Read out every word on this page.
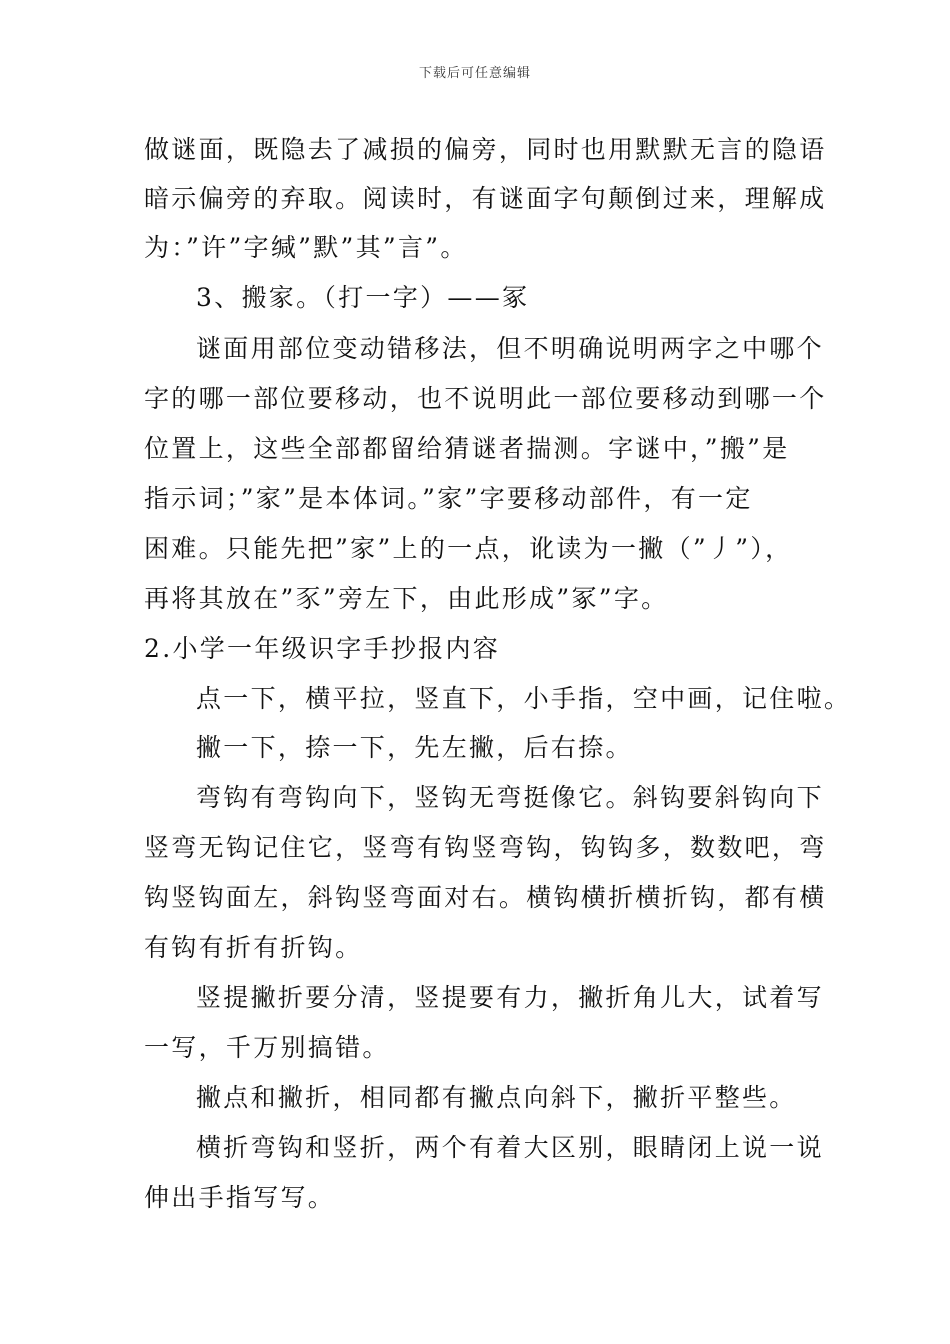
下载后可任意编辑
做谜面，既隐去了减损的偏旁，同时也用默默无言的隐语
暗示偏旁的弃取。阅读时，有谜面字句颠倒过来，理解成
为：”许”字缄”默”其”言”。
3、搬家。（打一字）——冢
谜面用部位变动错移法，但不明确说明两字之中哪个
字的哪一部位要移动，也不说明此一部位要移动到哪一个
位置上，这些全部都留给猜谜者揣测。字谜中，”搬”是
指示词；”家”是本体词。”家”字要移动部件，有一定
困难。只能先把”家”上的一点，讹读为一撇（”丿”），
再将其放在”豕”旁左下，由此形成”冢”字。
2.小学一年级识字手抄报内容
点一下，横平拉，竖直下，小手指，空中画，记住啦。
撇一下，捺一下，先左撇，后右捺。
弯钩有弯钩向下，竖钩无弯挺像它。斜钩要斜钩向下
竖弯无钩记住它，竖弯有钩竖弯钩，钩钩多，数数吧，弯
钩竖钩面左，斜钩竖弯面对右。横钩横折横折钩，都有横
有钩有折有折钩。
竖提撇折要分清，竖提要有力，撇折角儿大，试着写
一写，千万别搞错。
撇点和撇折，相同都有撇点向斜下，撇折平整些。
横折弯钩和竖折，两个有着大区别，眼睛闭上说一说
伸出手指写写。
